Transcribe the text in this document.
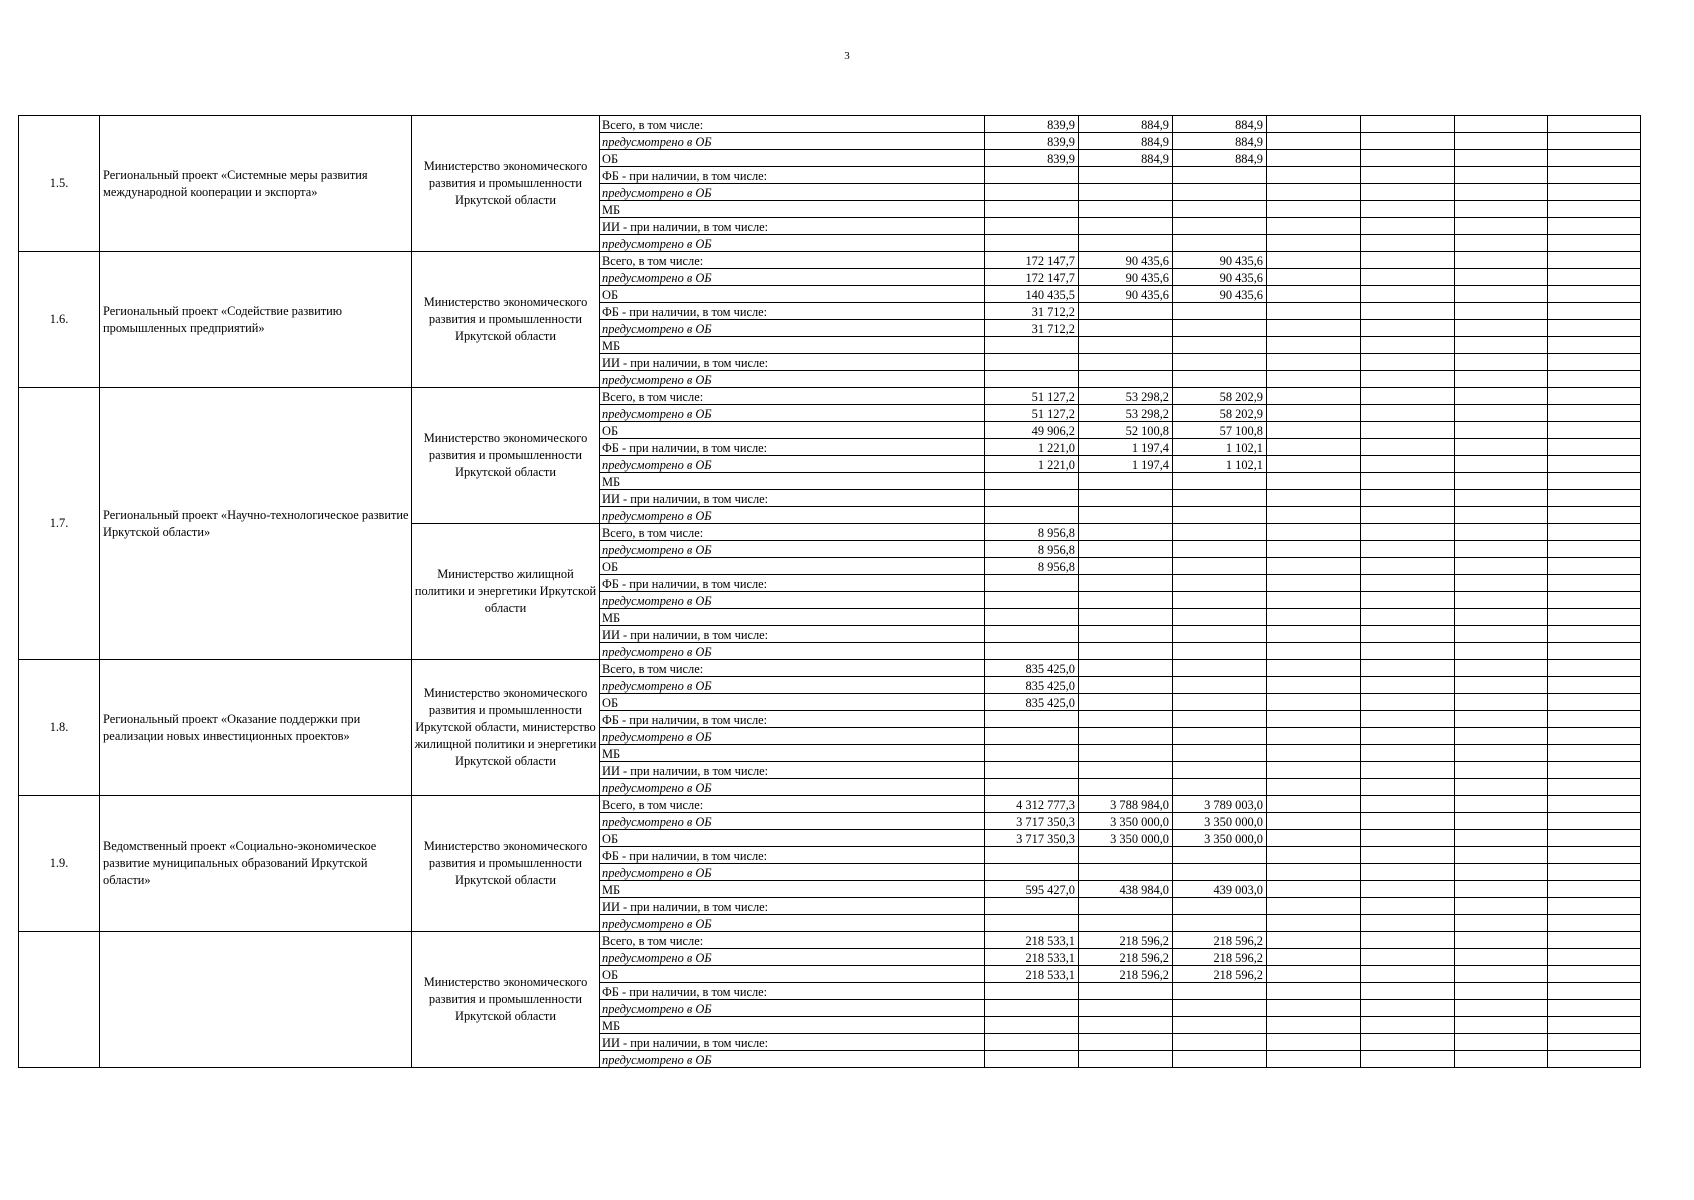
3
1.5.	Региональный проект «Системные меры развития международной кооперации и экспорта»	Министерство экономического развития и промышленности Иркутской области	Всего, в том числе:	839,9	884,9	884,9				
			предусмотрено в ОБ	839,9	884,9	884,9				
			ОБ	839,9	884,9	884,9				
			ФБ - при наличии, в том числе:							
			предусмотрено в ОБ							
			МБ							
			ИИ - при наличии, в том числе:							
			предусмотрено в ОБ							
1.6.	Региональный проект «Содействие развитию промышленных предприятий»	Министерство экономического развития и промышленности Иркутской области	Всего, в том числе:	172 147,7	90 435,6	90 435,6				
			предусмотрено в ОБ	172 147,7	90 435,6	90 435,6				
			ОБ	140 435,5	90 435,6	90 435,6				
			ФБ - при наличии, в том числе:	31 712,2						
			предусмотрено в ОБ	31 712,2						
			МБ							
			ИИ - при наличии, в том числе:							
			предусмотрено в ОБ							
1.7.	Региональный проект «Научно-технологическое развитие Иркутской области»	Министерство экономического развития и промышленности Иркутской области	Всего, в том числе:	51 127,2	53 298,2	58 202,9				
			предусмотрено в ОБ	51 127,2	53 298,2	58 202,9				
			ОБ	49 906,2	52 100,8	57 100,8				
			ФБ - при наличии, в том числе:	1 221,0	1 197,4	1 102,1				
			предусмотрено в ОБ	1 221,0	1 197,4	1 102,1				
			МБ							
			ИИ - при наличии, в том числе:							
			предусмотрено в ОБ							
		Министерство жилищной политики и энергетики Иркутской области	Всего, в том числе:	8 956,8						
			предусмотрено в ОБ	8 956,8						
			ОБ	8 956,8						
			ФБ - при наличии, в том числе:							
			предусмотрено в ОБ							
			МБ							
			ИИ - при наличии, в том числе:							
			предусмотрено в ОБ							
1.8.	Региональный проект «Оказание поддержки при реализации новых инвестиционных проектов»	Министерство экономического развития и промышленности Иркутской области, министерство жилищной политики и энергетики Иркутской области	Всего, в том числе:	835 425,0						
			предусмотрено в ОБ	835 425,0						
			ОБ	835 425,0						
			ФБ - при наличии, в том числе:							
			предусмотрено в ОБ							
			МБ							
			ИИ - при наличии, в том числе:							
			предусмотрено в ОБ							
1.9.	Ведомственный проект «Социально-экономическое развитие муниципальных образований Иркутской области»	Министерство экономического развития и промышленности Иркутской области	Всего, в том числе:	4 312 777,3	3 788 984,0	3 789 003,0				
			предусмотрено в ОБ	3 717 350,3	3 350 000,0	3 350 000,0				
			ОБ	3 717 350,3	3 350 000,0	3 350 000,0				
			ФБ - при наличии, в том числе:							
			предусмотрено в ОБ							
			МБ	595 427,0	438 984,0	439 003,0				
			ИИ - при наличии, в том числе:							
			предусмотрено в ОБ							
		Министерство экономического развития и промышленности Иркутской области	Всего, в том числе:	218 533,1	218 596,2	218 596,2				
			предусмотрено в ОБ	218 533,1	218 596,2	218 596,2				
			ОБ	218 533,1	218 596,2	218 596,2				
			ФБ - при наличии, в том числе:							
			предусмотрено в ОБ							
			МБ							
			ИИ - при наличии, в том числе:							
			предусмотрено в ОБ							
